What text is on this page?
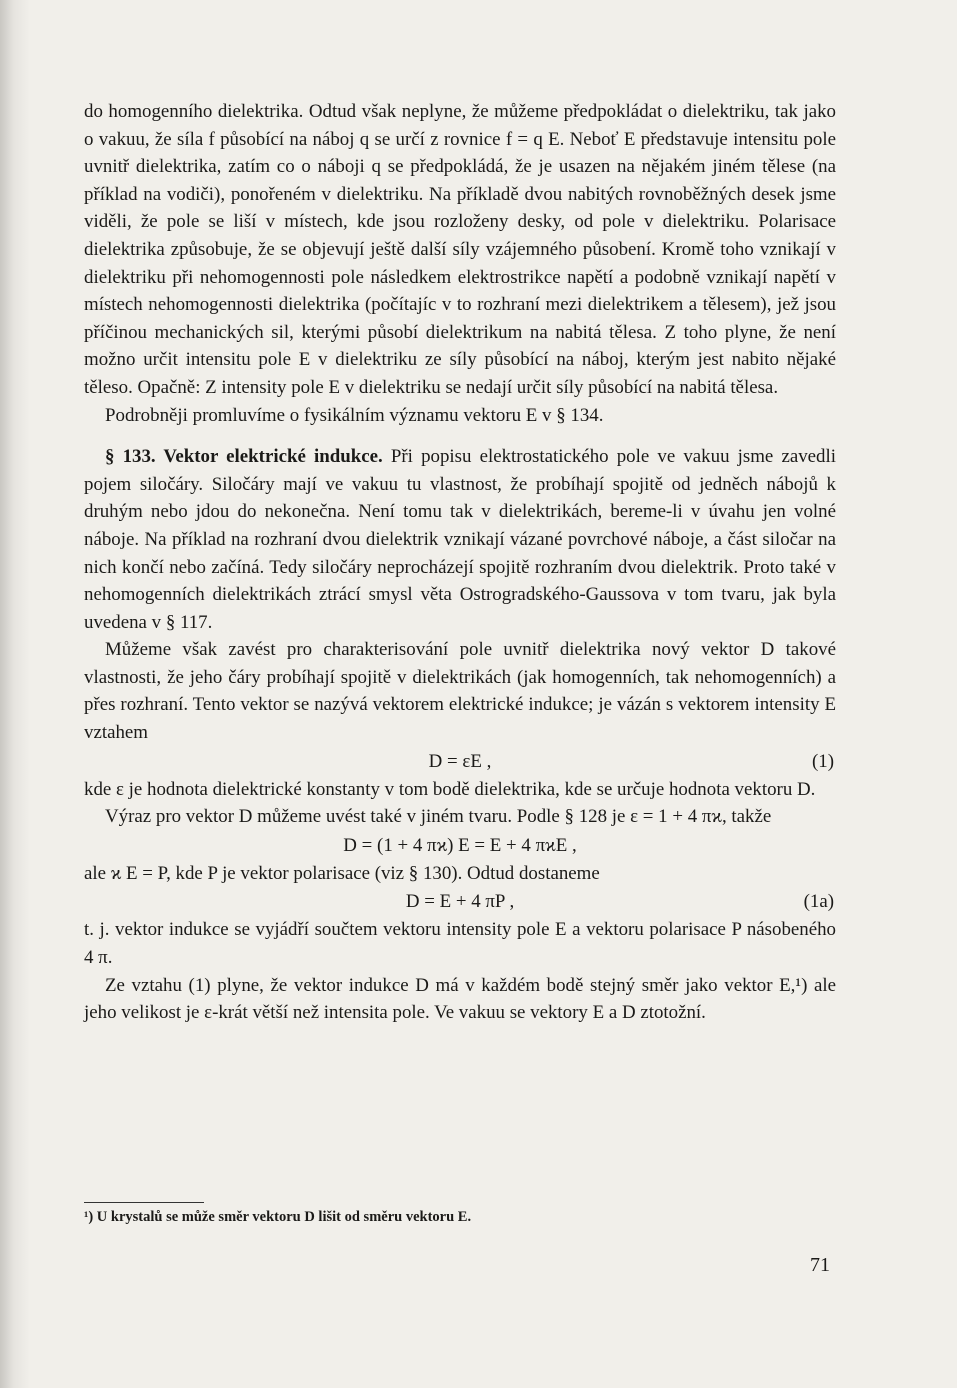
do homogenního dielektrika. Odtud však neplyne, že můžeme předpokládat o dielektriku, tak jako o vakuu, že síla f působící na náboj q se určí z rovnice f = q E. Neboť E představuje intensitu pole uvnitř dielektrika, zatím co o náboji q se předpokládá, že je usazen na nějakém jiném tělese (na příklad na vodiči), ponořeném v dielektriku. Na příkladě dvou nabitých rovnoběžných desek jsme viděli, že pole se liší v místech, kde jsou rozloženy desky, od pole v dielektriku. Polarisace dielektrika způsobuje, že se objevují ještě další síly vzájemného působení. Kromě toho vznikají v dielektriku při nehomogennosti pole následkem elektrostrikce napětí a podobně vznikají napětí v místech nehomogennosti dielektrika (počítajíc v to rozhraní mezi dielektrikem a tělesem), jež jsou příčinou mechanických sil, kterými působí dielektrikum na nabitá tělesa. Z toho plyne, že není možno určit intensitu pole E v dielektriku ze síly působící na náboj, kterým jest nabito nějaké těleso. Opačně: Z intensity pole E v dielektriku se nedají určit síly působící na nabitá tělesa.

Podrobněji promluvíme o fysikálním významu vektoru E v § 134.

§ 133. Vektor elektrické indukce. Při popisu elektrostatického pole ve vakuu jsme zavedli pojem siločáry. Siločáry mají ve vakuu tu vlastnost, že probíhají spojitě od jedněch nábojů k druhým nebo jdou do nekonečna. Není tomu tak v dielektrikách, bereme-li v úvahu jen volné náboje. Na příklad na rozhraní dvou dielektrik vznikají vázané povrchové náboje, a část siločar na nich končí nebo začíná. Tedy siločáry neprocházejí spojitě rozhraním dvou dielektrik. Proto také v nehomogenních dielektrikách ztrácí smysl věta Ostrogradského-Gaussova v tom tvaru, jak byla uvedena v § 117.

Můžeme však zavést pro charakterisování pole uvnitř dielektrika nový vektor D takové vlastnosti, že jeho čáry probíhají spojitě v dielektrikách (jak homogenních, tak nehomogenních) a přes rozhraní. Tento vektor se nazývá vektorem elektrické indukce; je vázán s vektorem intensity E vztahem

D = εE ,	(1)

kde ε je hodnota dielektrické konstanty v tom bodě dielektrika, kde se určuje hodnota vektoru D.

Výraz pro vektor D můžeme uvést také v jiném tvaru. Podle § 128 je ε = 1 + 4 πϰ, takže

D = (1 + 4 πϰ) E = E + 4 πϰE ,

ale ϰ E = P, kde P je vektor polarisace (viz § 130). Odtud dostaneme

D = E + 4 πP ,	(1a)

t. j. vektor indukce se vyjádří součtem vektoru intensity pole E a vektoru polarisace P násobeného 4 π.

Ze vztahu (1) plyne, že vektor indukce D má v každém bodě stejný směr jako vektor E,¹) ale jeho velikost je ε-krát větší než intensita pole. Ve vakuu se vektory E a D ztotožní.

¹) U krystalů se může směr vektoru D lišit od směru vektoru E.
71
